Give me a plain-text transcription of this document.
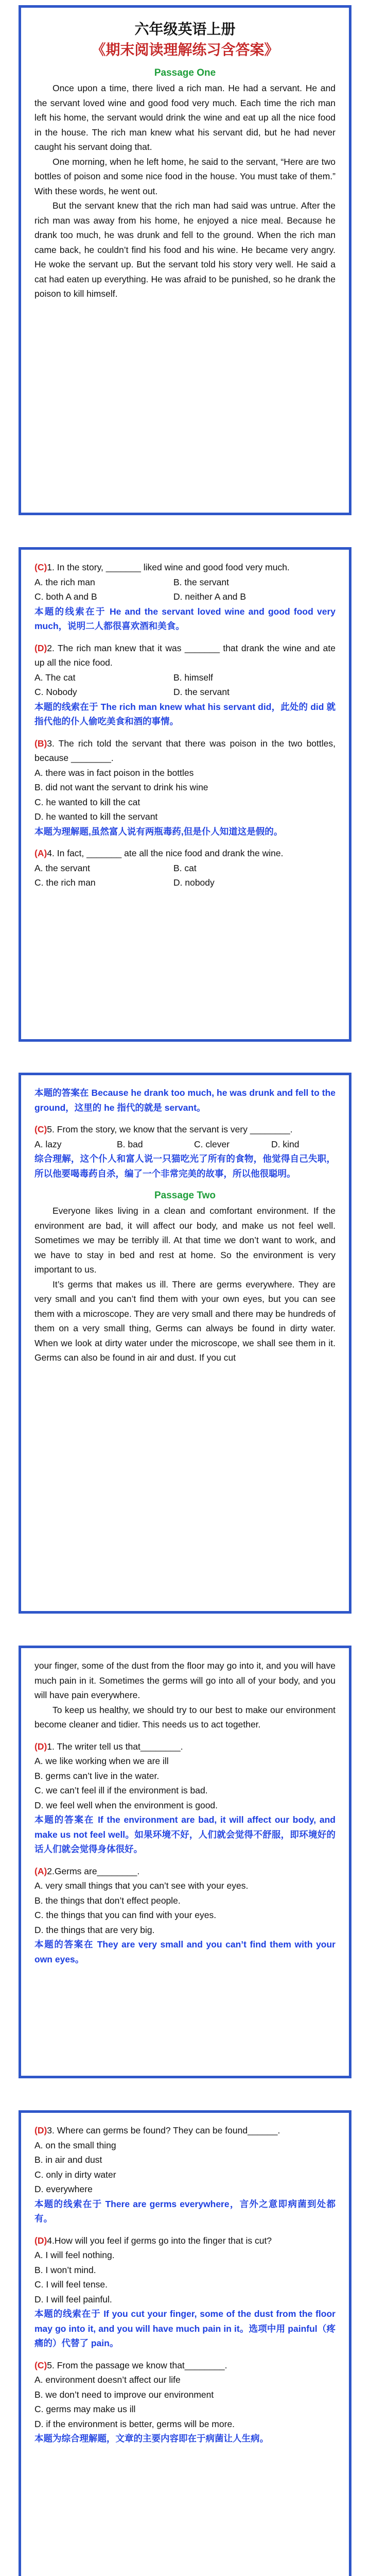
六年级英语上册
《期末阅读理解练习含答案》
Passage One

Once upon a time, there lived a rich man. He had a servant. He and the servant loved wine and good food very much. Each time the rich man left his home, the servant would drink the wine and eat up all the nice food in the house. The rich man knew what his servant did, but he had never caught his servant doing that.

One morning, when he left home, he said to the servant, “Here are two bottles of poison and some nice food in the house. You must take of them.” With these words, he went out.

But the servant knew that the rich man had said was untrue. After the rich man was away from his home, he enjoyed a nice meal. Because he drank too much, he was drunk and fell to the ground. When the rich man came back, he couldn’t find his food and his wine. He became very angry. He woke the servant up. But the servant told his story very well. He said a cat had eaten up everything. He was afraid to be punished, so he drank the poison to kill himself.

(C)1. In the story, _______ liked wine and good food very much.

A. the rich man	B. the servant
C. both A and B	D. neither A and B

本题的线索在于 He and the servant loved wine and good food very much，说明二人都很喜欢酒和美食。

(D)2. The rich man knew that it was _______ that drank the wine and ate up all the nice food.

A. The cat	B. himself
C. Nobody	D. the servant

本题的线索在于 The rich man knew what his servant did，此处的 did 就指代他的仆人偷吃美食和酒的事情。

(B)3. The rich told the servant that there was poison in the two bottles, because ________.

A. there was in fact poison in the bottles
B. did not want the servant to drink his wine
C. he wanted to kill the cat
D. he wanted to kill the servant

本题为理解题,虽然富人说有两瓶毒药,但是仆人知道这是假的。

(A)4. In fact, _______ ate all the nice food and drank the wine.

A. the servant	B. cat
C. the rich man	D. nobody

本题的答案在 Because he drank too much, he was drunk and fell to the ground，这里的 he 指代的就是 servant。

(C)5. From the story, we know that the servant is very ________.

A. lazy	B. bad	C. clever	D. kind

综合理解，这个仆人和富人说一只猫吃光了所有的食物，他觉得自己失职，所以他要喝毒药自杀，编了一个非常完美的故事，所以他很聪明。

Passage Two

Everyone likes living in a clean and comfortant environment. If the environment are bad, it will affect our body, and make us not feel well. Sometimes we may be terribly ill. At that time we don’t want to work, and we have to stay in bed and rest at home. So the environment is very important to us.

It’s germs that makes us ill. There are germs everywhere. They are very small and you can’t find them with your own eyes, but you can see them with a microscope. They are very small and there may be hundreds of them on a very small thing, Germs can always be found in dirty water. When we look at dirty water under the microscope, we shall see them in it. Germs can also be found in air and dust. If you cut

your finger, some of the dust from the floor may go into it, and you will have much pain in it. Sometimes the germs will go into all of your body, and you will have pain everywhere.

To keep us healthy, we should try to our best to make our environment become cleaner and tidier. This needs us to act together.

(D)1. The writer tell us that________.

A. we like working when we are ill
B. germs can’t live in the water.
C. we can’t feel ill if the environment is bad.
D. we feel well when the environment is good.

本题的答案在 If the environment are bad, it will affect our body, and make us not feel well。如果环境不好，人们就会觉得不舒服，即环境好的话人们就会觉得身体很好。

(A)2.Germs are________.

A. very small things that you can’t see with your eyes.
B. the things that don’t effect people.
C. the things that you can find with your eyes.
D. the things that are very big.

本题的答案在 They are very small and you can’t find them with your own eyes。

(D)3. Where can germs be found? They can be found______.

A. on the small thing
B. in air and dust
C. only in dirty water
D. everywhere

本题的线索在于 There are germs everywhere，言外之意即病菌到处都有。

(D)4.How will you feel if germs go into the finger that is cut?

A. I will feel nothing.
B. I won’t mind.
C. I will feel tense.
D. I will feel painful.

本题的线索在于 If you cut your finger, some of the dust from the floor may go into it, and you will have much pain in it。选项中用 painful（疼痛的）代替了 pain。

(C)5. From the passage we know that________.

A. environment doesn’t affect our life
B. we don’t need to improve our environment
C. germs may make us ill
D. if the environment is better, germs will be more.

本题为综合理解题，文章的主要内容即在于病菌让人生病。
